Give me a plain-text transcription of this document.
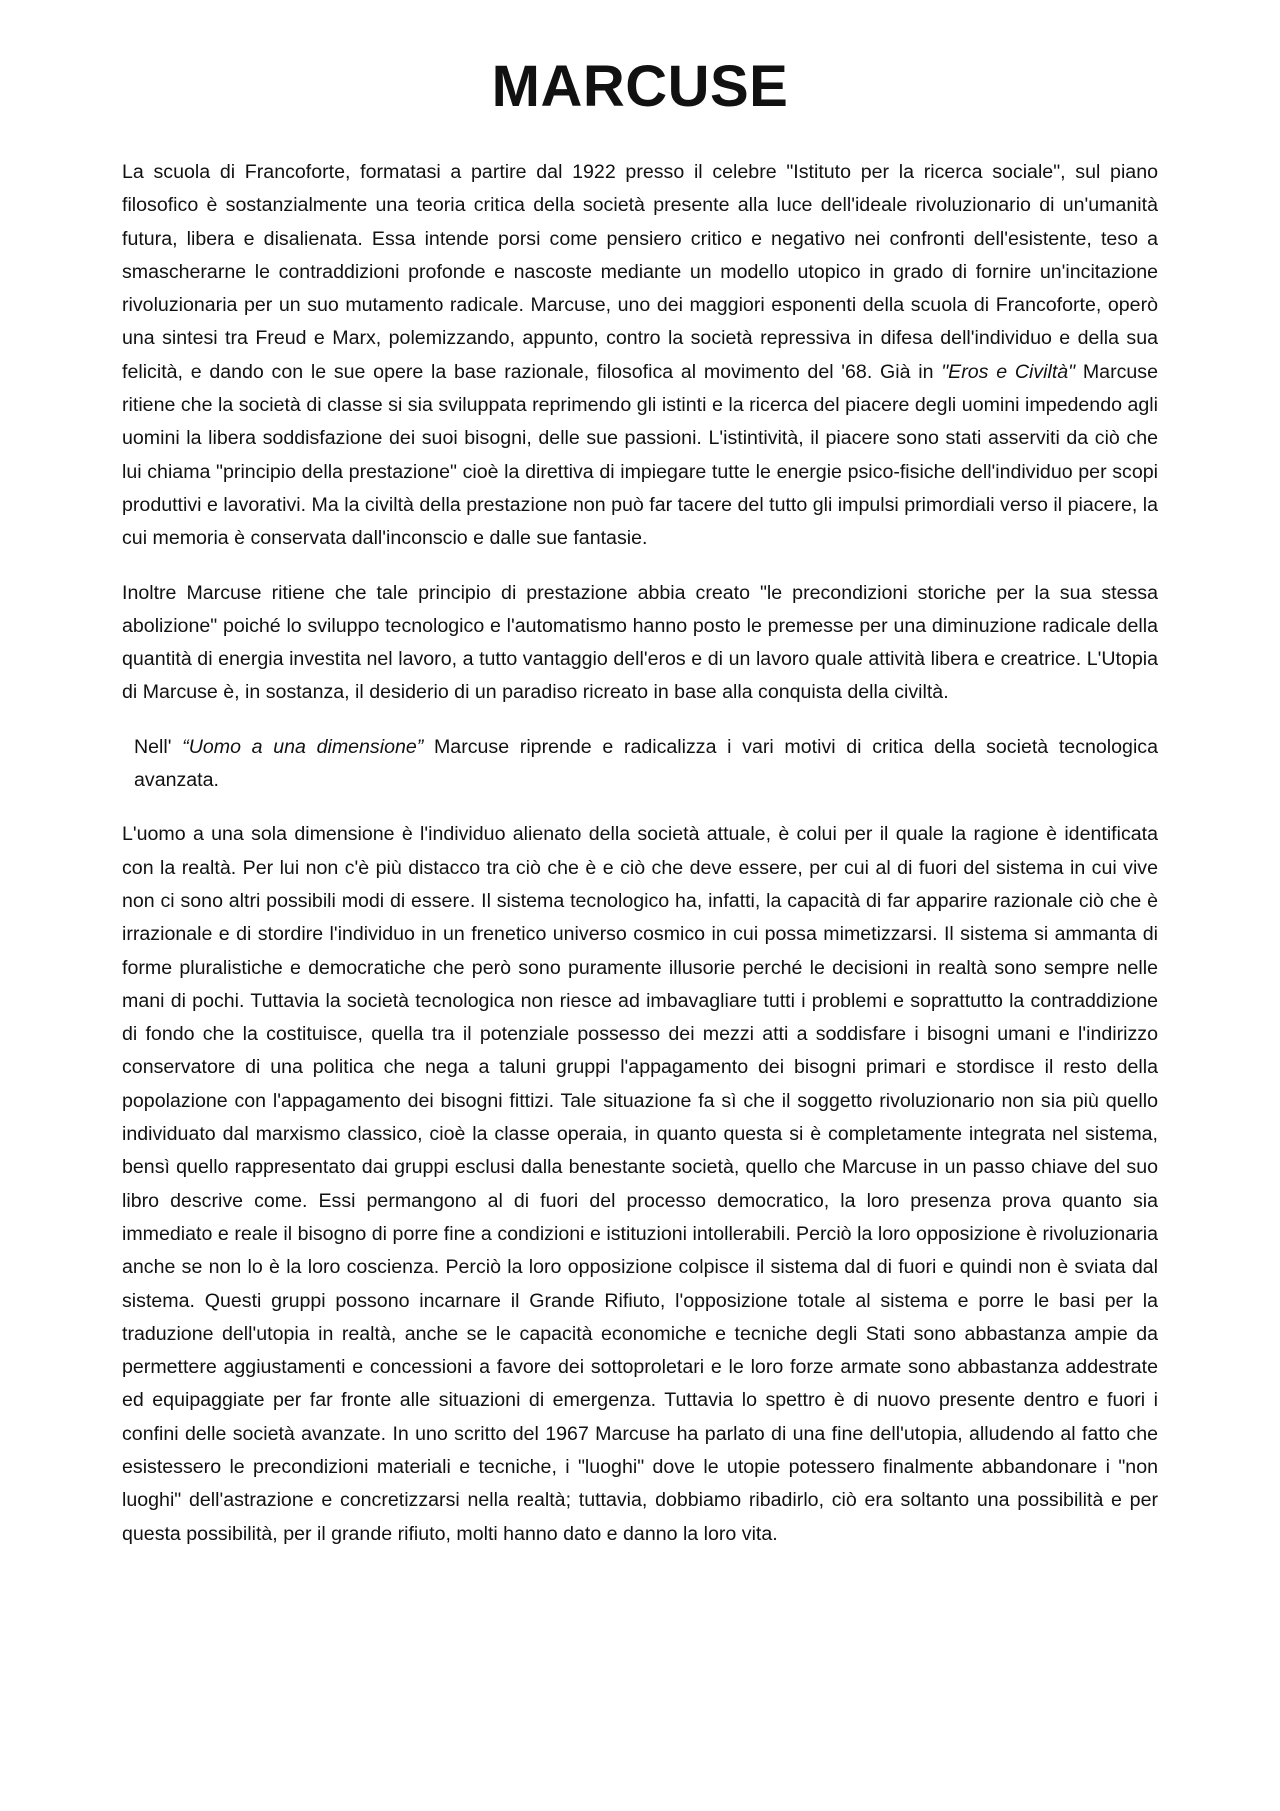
MARCUSE

La scuola di Francoforte, formatasi a partire dal 1922 presso il celebre "Istituto per la ricerca sociale", sul piano filosofico è sostanzialmente una teoria critica della società presente alla luce dell'ideale rivoluzionario di un'umanità futura, libera e disalienata. Essa intende porsi come pensiero critico e negativo nei confronti dell'esistente, teso a smascherarne le contraddizioni profonde e nascoste mediante un modello utopico in grado di fornire un'incitazione rivoluzionaria per un suo mutamento radicale. Marcuse, uno dei maggiori esponenti della scuola di Francoforte, operò una sintesi tra Freud e Marx, polemizzando, appunto, contro la società repressiva in difesa dell'individuo e della sua felicità, e dando con le sue opere la base razionale, filosofica al movimento del '68. Già in "Eros e Civiltà" Marcuse ritiene che la società di classe si sia sviluppata reprimendo gli istinti e la ricerca del piacere degli uomini impedendo agli uomini la libera soddisfazione dei suoi bisogni, delle sue passioni. L'istintività, il piacere sono stati asserviti da ciò che lui chiama "principio della prestazione" cioè la direttiva di impiegare tutte le energie psico-fisiche dell'individuo per scopi produttivi e lavorativi. Ma la civiltà della prestazione non può far tacere del tutto gli impulsi primordiali verso il piacere, la cui memoria è conservata dall'inconscio e dalle sue fantasie.

Inoltre Marcuse ritiene che tale principio di prestazione abbia creato "le precondizioni storiche per la sua stessa abolizione" poiché lo sviluppo tecnologico e l'automatismo hanno posto le premesse per una diminuzione radicale della quantità di energia investita nel lavoro, a tutto vantaggio dell'eros e di un lavoro quale attività libera e creatrice. L'Utopia di Marcuse è, in sostanza, il desiderio di un paradiso ricreato in base alla conquista della civiltà.

Nell' “Uomo a una dimensione” Marcuse riprende e radicalizza i vari motivi di critica della società tecnologica avanzata.

L'uomo a una sola dimensione è l'individuo alienato della società attuale, è colui per il quale la ragione è identificata con la realtà. Per lui non c'è più distacco tra ciò che è e ciò che deve essere, per cui al di fuori del sistema in cui vive non ci sono altri possibili modi di essere. Il sistema tecnologico ha, infatti, la capacità di far apparire razionale ciò che è irrazionale e di stordire l'individuo in un frenetico universo cosmico in cui possa mimetizzarsi. Il sistema si ammanta di forme pluralistiche e democratiche che però sono puramente illusorie perché le decisioni in realtà sono sempre nelle mani di pochi. Tuttavia la società tecnologica non riesce ad imbavagliare tutti i problemi e soprattutto la contraddizione di fondo che la costituisce, quella tra il potenziale possesso dei mezzi atti a soddisfare i bisogni umani e l'indirizzo conservatore di una politica che nega a taluni gruppi l'appagamento dei bisogni primari e stordisce il resto della popolazione con l'appagamento dei bisogni fittizi. Tale situazione fa sì che il soggetto rivoluzionario non sia più quello individuato dal marxismo classico, cioè la classe operaia, in quanto questa si è completamente integrata nel sistema, bensì quello rappresentato dai gruppi esclusi dalla benestante società, quello che Marcuse in un passo chiave del suo libro descrive come. Essi permangono al di fuori del processo democratico, la loro presenza prova quanto sia immediato e reale il bisogno di porre fine a condizioni e istituzioni intollerabili. Perciò la loro opposizione è rivoluzionaria anche se non lo è la loro coscienza. Perciò la loro opposizione colpisce il sistema dal di fuori e quindi non è sviata dal sistema. Questi gruppi possono incarnare il Grande Rifiuto, l'opposizione totale al sistema e porre le basi per la traduzione dell'utopia in realtà, anche se le capacità economiche e tecniche degli Stati sono abbastanza ampie da permettere aggiustamenti e concessioni a favore dei sottoproletari e le loro forze armate sono abbastanza addestrate ed equipaggiate per far fronte alle situazioni di emergenza. Tuttavia lo spettro è di nuovo presente dentro e fuori i confini delle società avanzate. In uno scritto del 1967 Marcuse ha parlato di una fine dell'utopia, alludendo al fatto che esistessero le precondizioni materiali e tecniche, i "luoghi" dove le utopie potessero finalmente abbandonare i "non luoghi" dell'astrazione e concretizzarsi nella realtà; tuttavia, dobbiamo ribadirlo, ciò era soltanto una possibilità e per questa possibilità, per il grande rifiuto, molti hanno dato e danno la loro vita.
